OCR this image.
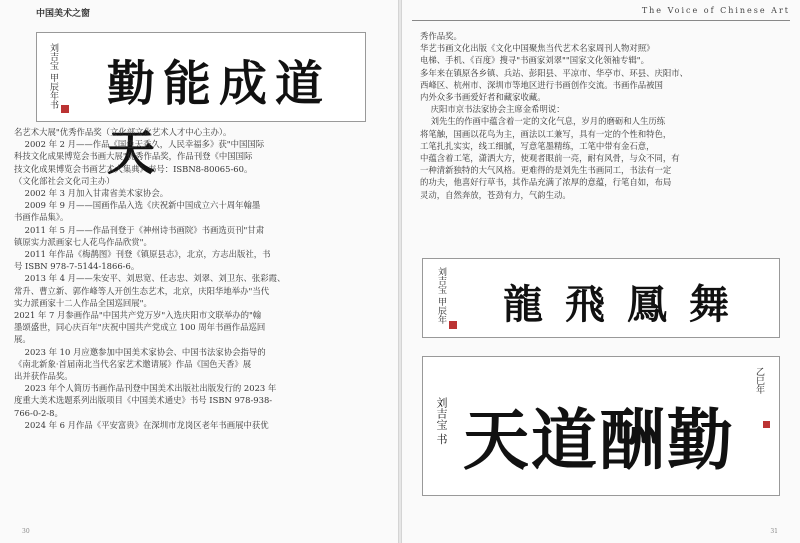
中国美术之窗
勤能成道天
刘吉宝 甲辰年书

名艺术大展"优秀作品奖（文化部文化艺术人才中心主办）。

2002 年 2 月——作品《国色天香久，人民幸福多》获"中国国际

科技文化成果博览会书画大展"优秀作品奖，作品刊登《中国国际

技文化成果博览会书画艺术大集典》书号：ISBN8-80065-60。

（文化部社会文化司主办）

2002 年 3 月加入甘肃省美术家协会。

2009 年 9 月——国画作品入选《庆祝新中国成立六十周年翰墨

书画作品集》。

2011 年 5 月——作品刊登于《神州诗书画院》书画选页刊"甘肃

镇原实力派画家七人花鸟作品欣赏"。

2011 年作品《梅鹊图》刊登《镇原县志》，北京，方志出版社，书

号 ISBN 978-7-5144-1866-6。

2013 年 4 月——朱安平、刘思宽、任志忠、刘翠、刘卫东、张彩霞、

常升、曹立新、郭作峰等人开创生态艺术，北京，庆阳华地举办"当代

实力派画家十二人作品全国巡回展"。

2021 年 7 月参画作品"中国共产党万岁"入选庆阳市文联举办的"翰

墨颂盛世，同心庆百年"庆祝中国共产党成立 100 周年书画作品巡回

展。

2023 年 10 月应邀参加中国美术家协会、中国书法家协会指导的

《南北新象·首届南北当代名家艺术邀请展》作品《国色天香》展

出并获作品奖。

2023 年个人简历书画作品刊登中国美术出版社出版发行的 2023 年

度重大美术选题系列出版项目《中国美术通史》书号 ISBN 978-938-

766-0-2-8。

2024 年 6 月作品《平安富贵》在深圳市龙岗区老年书画展中获优

30
The Voice of Chinese Art

秀作品奖。

华艺书画文化出版《文化中国聚焦当代艺术名家周刊人物对照》

电梯、手机、《百度》搜寻"书画家刘翠""国家文化领袖专辑"。

多年来在镇原各乡镇、兵站、彭阳县、平凉市、华亭市、环县、庆阳市、

西峰区、杭州市、深圳市等地区进行书画创作交流。书画作品被国

内外众多书画爱好者和藏家收藏。

庆阳市京书法家协会主席金希明说：

刘先生的作画中蕴含着一定的文化气息，岁月的磨砺和人生历练

将笔触，国画以花鸟为主，画法以工兼写，具有一定的个性和特色，

工笔扎扎实实，线工细腻，写意笔墨精练，工笔中带有金石意，

中蕴含着工笔，潇洒大方，使观者眼前一亮，耐有风骨，与众不同，有

一种清新独特的大气风格。更难得的是刘先生书画同工，书法有一定

的功夫，他喜好行草书，其作品充满了浓厚的意蕴，行笔自如，布局

灵动，自然奔放，苍劲有力，气韵生动。

龍飛鳳舞
刘吉宝 甲辰年
天道酬勤
刘吉宝 书
乙巳年
31
